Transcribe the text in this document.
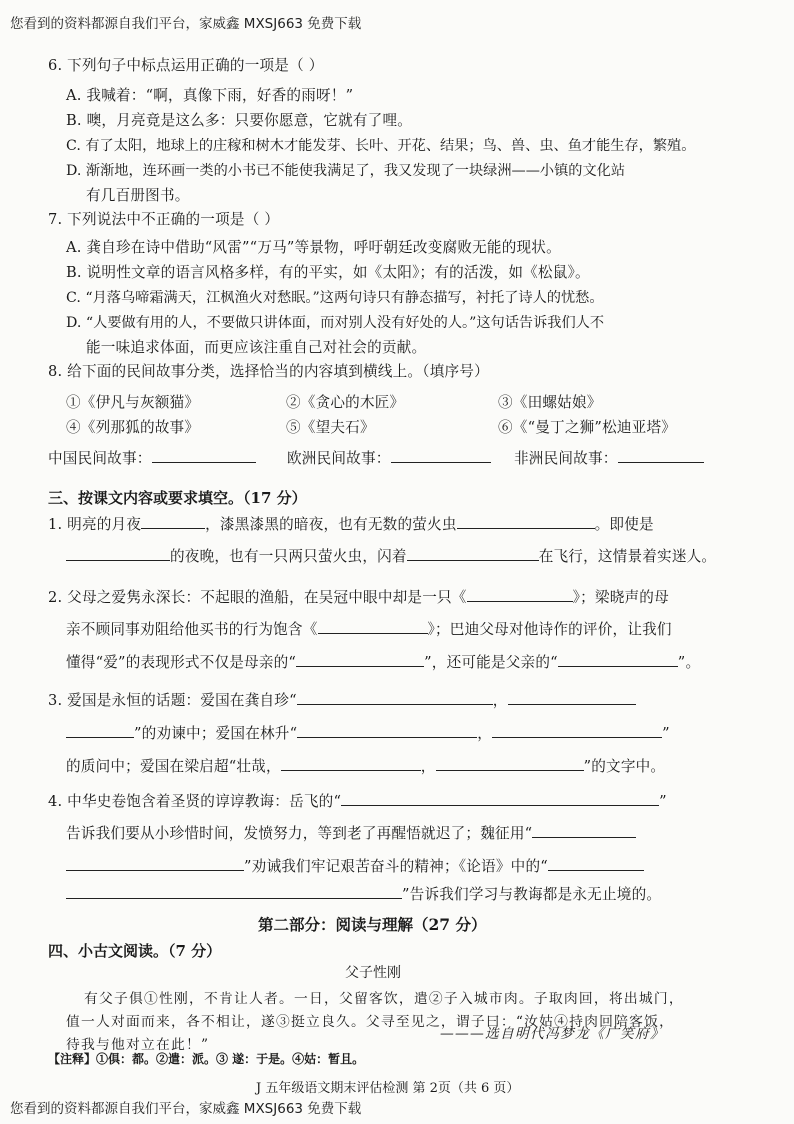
您看到的资料都源自我们平台，家威鑫 MXSJ663 免费下载
6. 下列句子中标点运用正确的一项是（ ）
A. 我喊着：“啊，真像下雨，好香的雨呀！”
B. 噢，月亮竟是这么多：只要你愿意，它就有了哩。
C. 有了太阳，地球上的庄稼和树木才能发芽、长叶、开花、结果；鸟、兽、虫、鱼才能生存，繁殖。
D. 渐渐地，连环画一类的小书已不能使我满足了，我又发现了一块绿洲——小镇的文化站
有几百册图书。
7. 下列说法中不正确的一项是（ ）
A. 龚自珍在诗中借助“风雷”“万马”等景物，呼吁朝廷改变腐败无能的现状。
B. 说明性文章的语言风格多样，有的平实，如《太阳》；有的活泼，如《松鼠》。
C. “月落乌啼霜满天，江枫渔火对愁眠。”这两句诗只有静态描写，衬托了诗人的忧愁。
D. “人要做有用的人，不要做只讲体面，而对别人没有好处的人。”这句话告诉我们人不
能一味追求体面，而更应该注重自己对社会的贡献。
8. 给下面的民间故事分类，选择恰当的内容填到横线上。（填序号）
①《伊凡与灰额猫》	②《贪心的木匠》	③《田螺姑娘》
④《列那狐的故事》	⑤《望夫石》	⑥《“曼丁之狮”松迪亚塔》
中国民间故事：	欧洲民间故事：	非洲民间故事：
三、按课文内容或要求填空。（17 分）
1. 明亮的月夜	，漆黑漆黑的暗夜，也有无数的萤火虫	。即使是
的夜晚，也有一只两只萤火虫，闪着	在飞行，这情景着实迷人。
2. 父母之爱隽永深长：不起眼的渔船，在吴冠中眼中却是一只《	》；梁晓声的母
亲不顾同事劝阻给他买书的行为饱含《	》；巴迪父母对他诗作的评价，让我们
懂得“爱”的表现形式不仅是母亲的“	”，还可能是父亲的“	”。
3. 爱国是永恒的话题：爱国在龚自珍“	，
”的劝谏中；爱国在林升“	，	”
的质问中；爱国在梁启超“壮哉，	，	”的文字中。
4. 中华史卷饱含着圣贤的谆谆教诲：岳飞的“	”
告诉我们要从小珍惜时间，发愤努力，等到老了再醒悟就迟了；魏征用“
”劝诫我们牢记艰苦奋斗的精神；《论语》中的“
”告诉我们学习与教诲都是永无止境的。
第二部分：阅读与理解（27 分）
四、小古文阅读。（7 分）
父子性刚
有父子俱①性刚，不肯让人者。一日，父留客饮，遣②子入城市肉。子取肉回，将出城门，
值一人对面而来，各不相让，遂③挺立良久。父寻至见之，谓子曰：“汝姑④持肉回陪客饭，
待我与他对立在此！”
———选自明代冯梦龙《广笑府》
【注释】①俱：都。②遣：派。③ 遂：于是。④姑：暂且。
J 五年级语文期末评估检测 第 2页（共 6 页）
您看到的资料都源自我们平台，家威鑫 MXSJ663 免费下载
